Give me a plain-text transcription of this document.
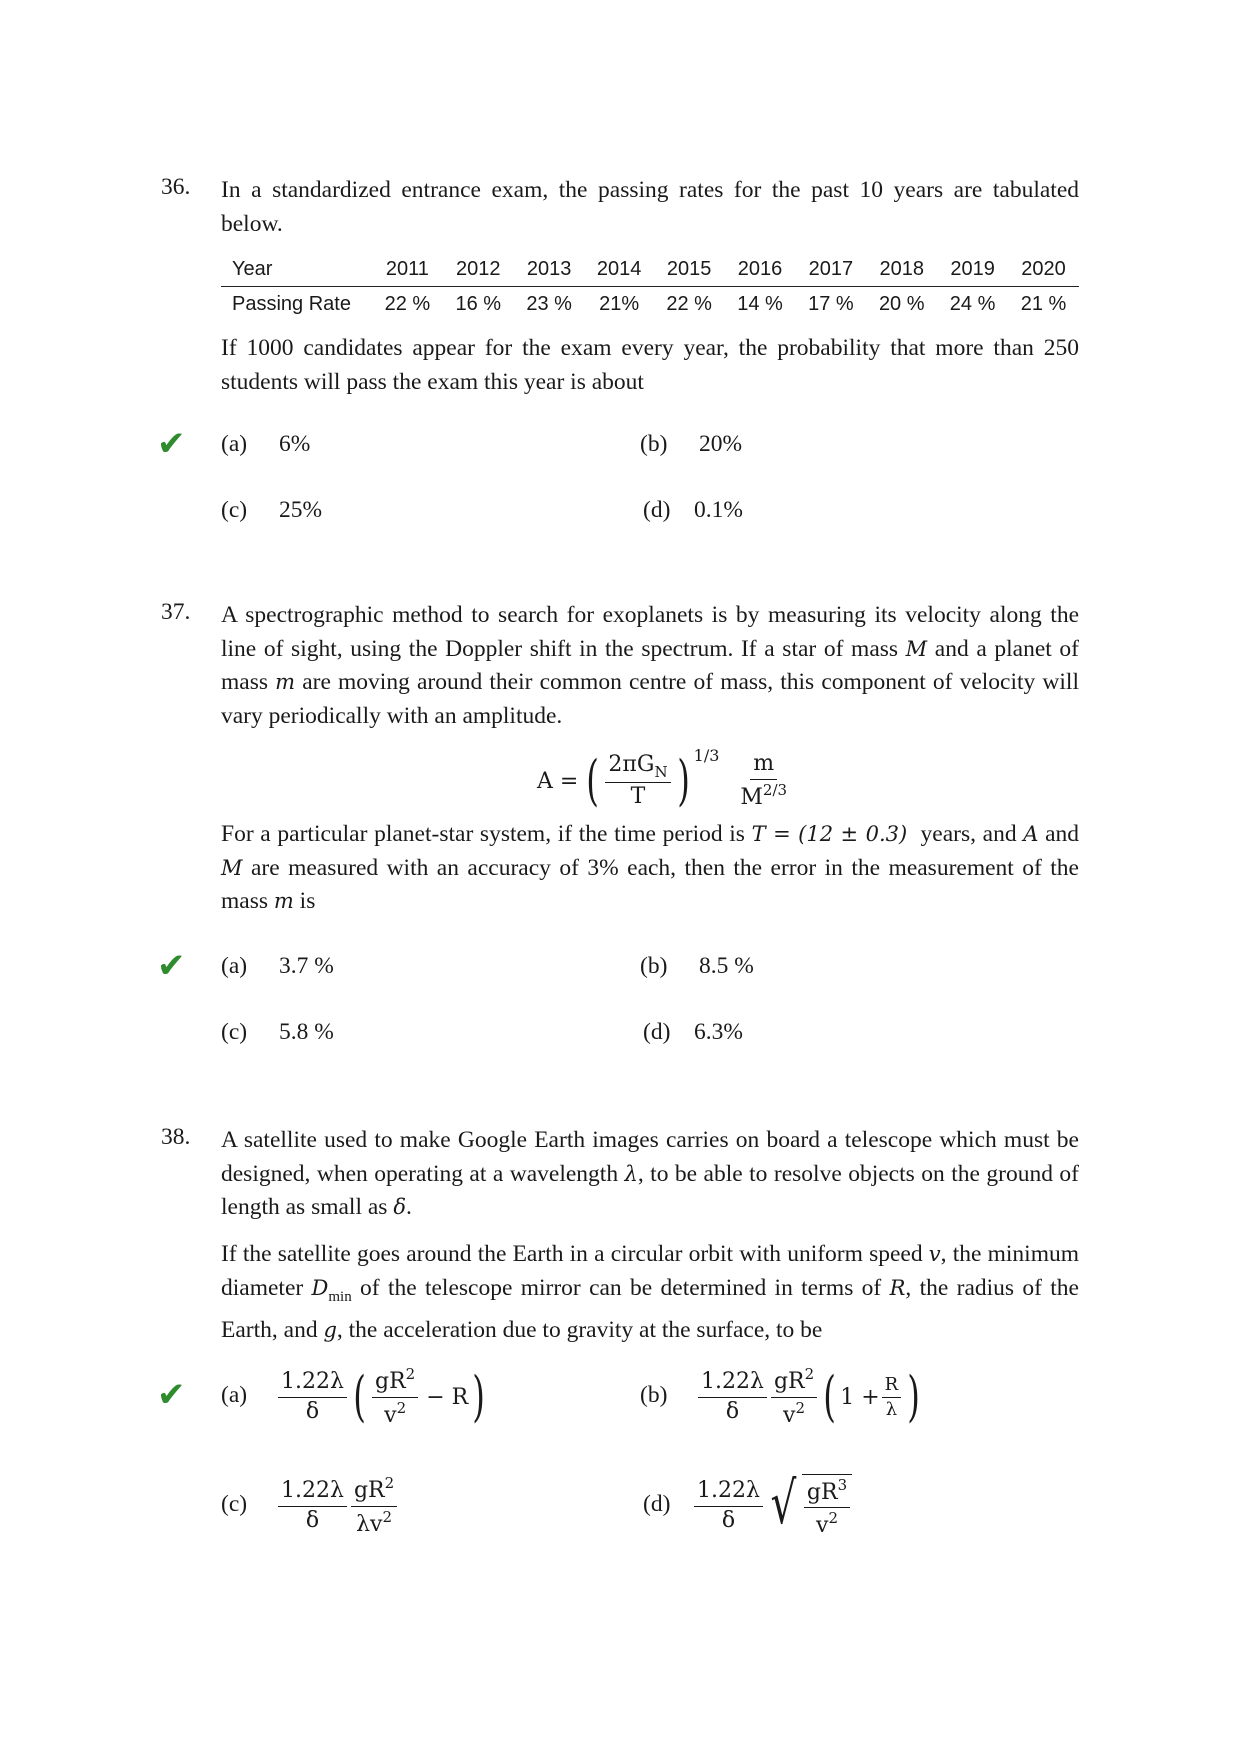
36. In a standardized entrance exam, the passing rates for the past 10 years are tabulated below.
Year	2011	2012	2013	2014	2015	2016	2017	2018	2019	2020
Passing Rate	22 %	16 %	23 %	21%	22 %	14 %	17 %	20 %	24 %	21 %
If 1000 candidates appear for the exam every year, the probability that more than 250 students will pass the exam this year is about
✔ (a) 6%	(b) 20%
(c) 25%	(d) 0.1%
37. A spectrographic method to search for exoplanets is by measuring its velocity along the line of sight, using the Doppler shift in the spectrum. If a star of mass M and a planet of mass m are moving around their common centre of mass, this component of velocity will vary periodically with an amplitude.
A = ( $\frac{2\pi G_N}{T}$ ) $1/3 \frac{m}{M^{2/3}}$
For a particular planet-star system, if the time period is T = (12 ± 0.3)  years, and A and M are measured with an accuracy of 3% each, then the error in the measurement of the mass m is
✔ (a) 3.7 %	(b) 8.5 %
(c) 5.8 %	(d) 6.3%
38. A satellite used to make Google Earth images carries on board a telescope which must be designed, when operating at a wavelength λ, to be able to resolve objects on the ground of length as small as δ.
If the satellite goes around the Earth in a circular orbit with uniform speed v, the minimum diameter $D_{min}$ of the telescope mirror can be determined in terms of R, the radius of the Earth, and g, the acceleration due to gravity at the surface, to be
✔ $(a) \frac{1.22\lambda}{\delta}$ ( $\frac{gR^2}{v^2} - R$ )	$(b) \frac{1.22\lambda}{\delta} \frac{gR^2}{v^2}$ ( $1 + \frac{R}{\lambda}$ )
$(c) \frac{1.22\lambda}{\delta} \frac{gR^2}{\lambda v^2}$	$(d) \frac{1.22\lambda}{\delta}$ √ $\frac{gR^3}{v^2}$
